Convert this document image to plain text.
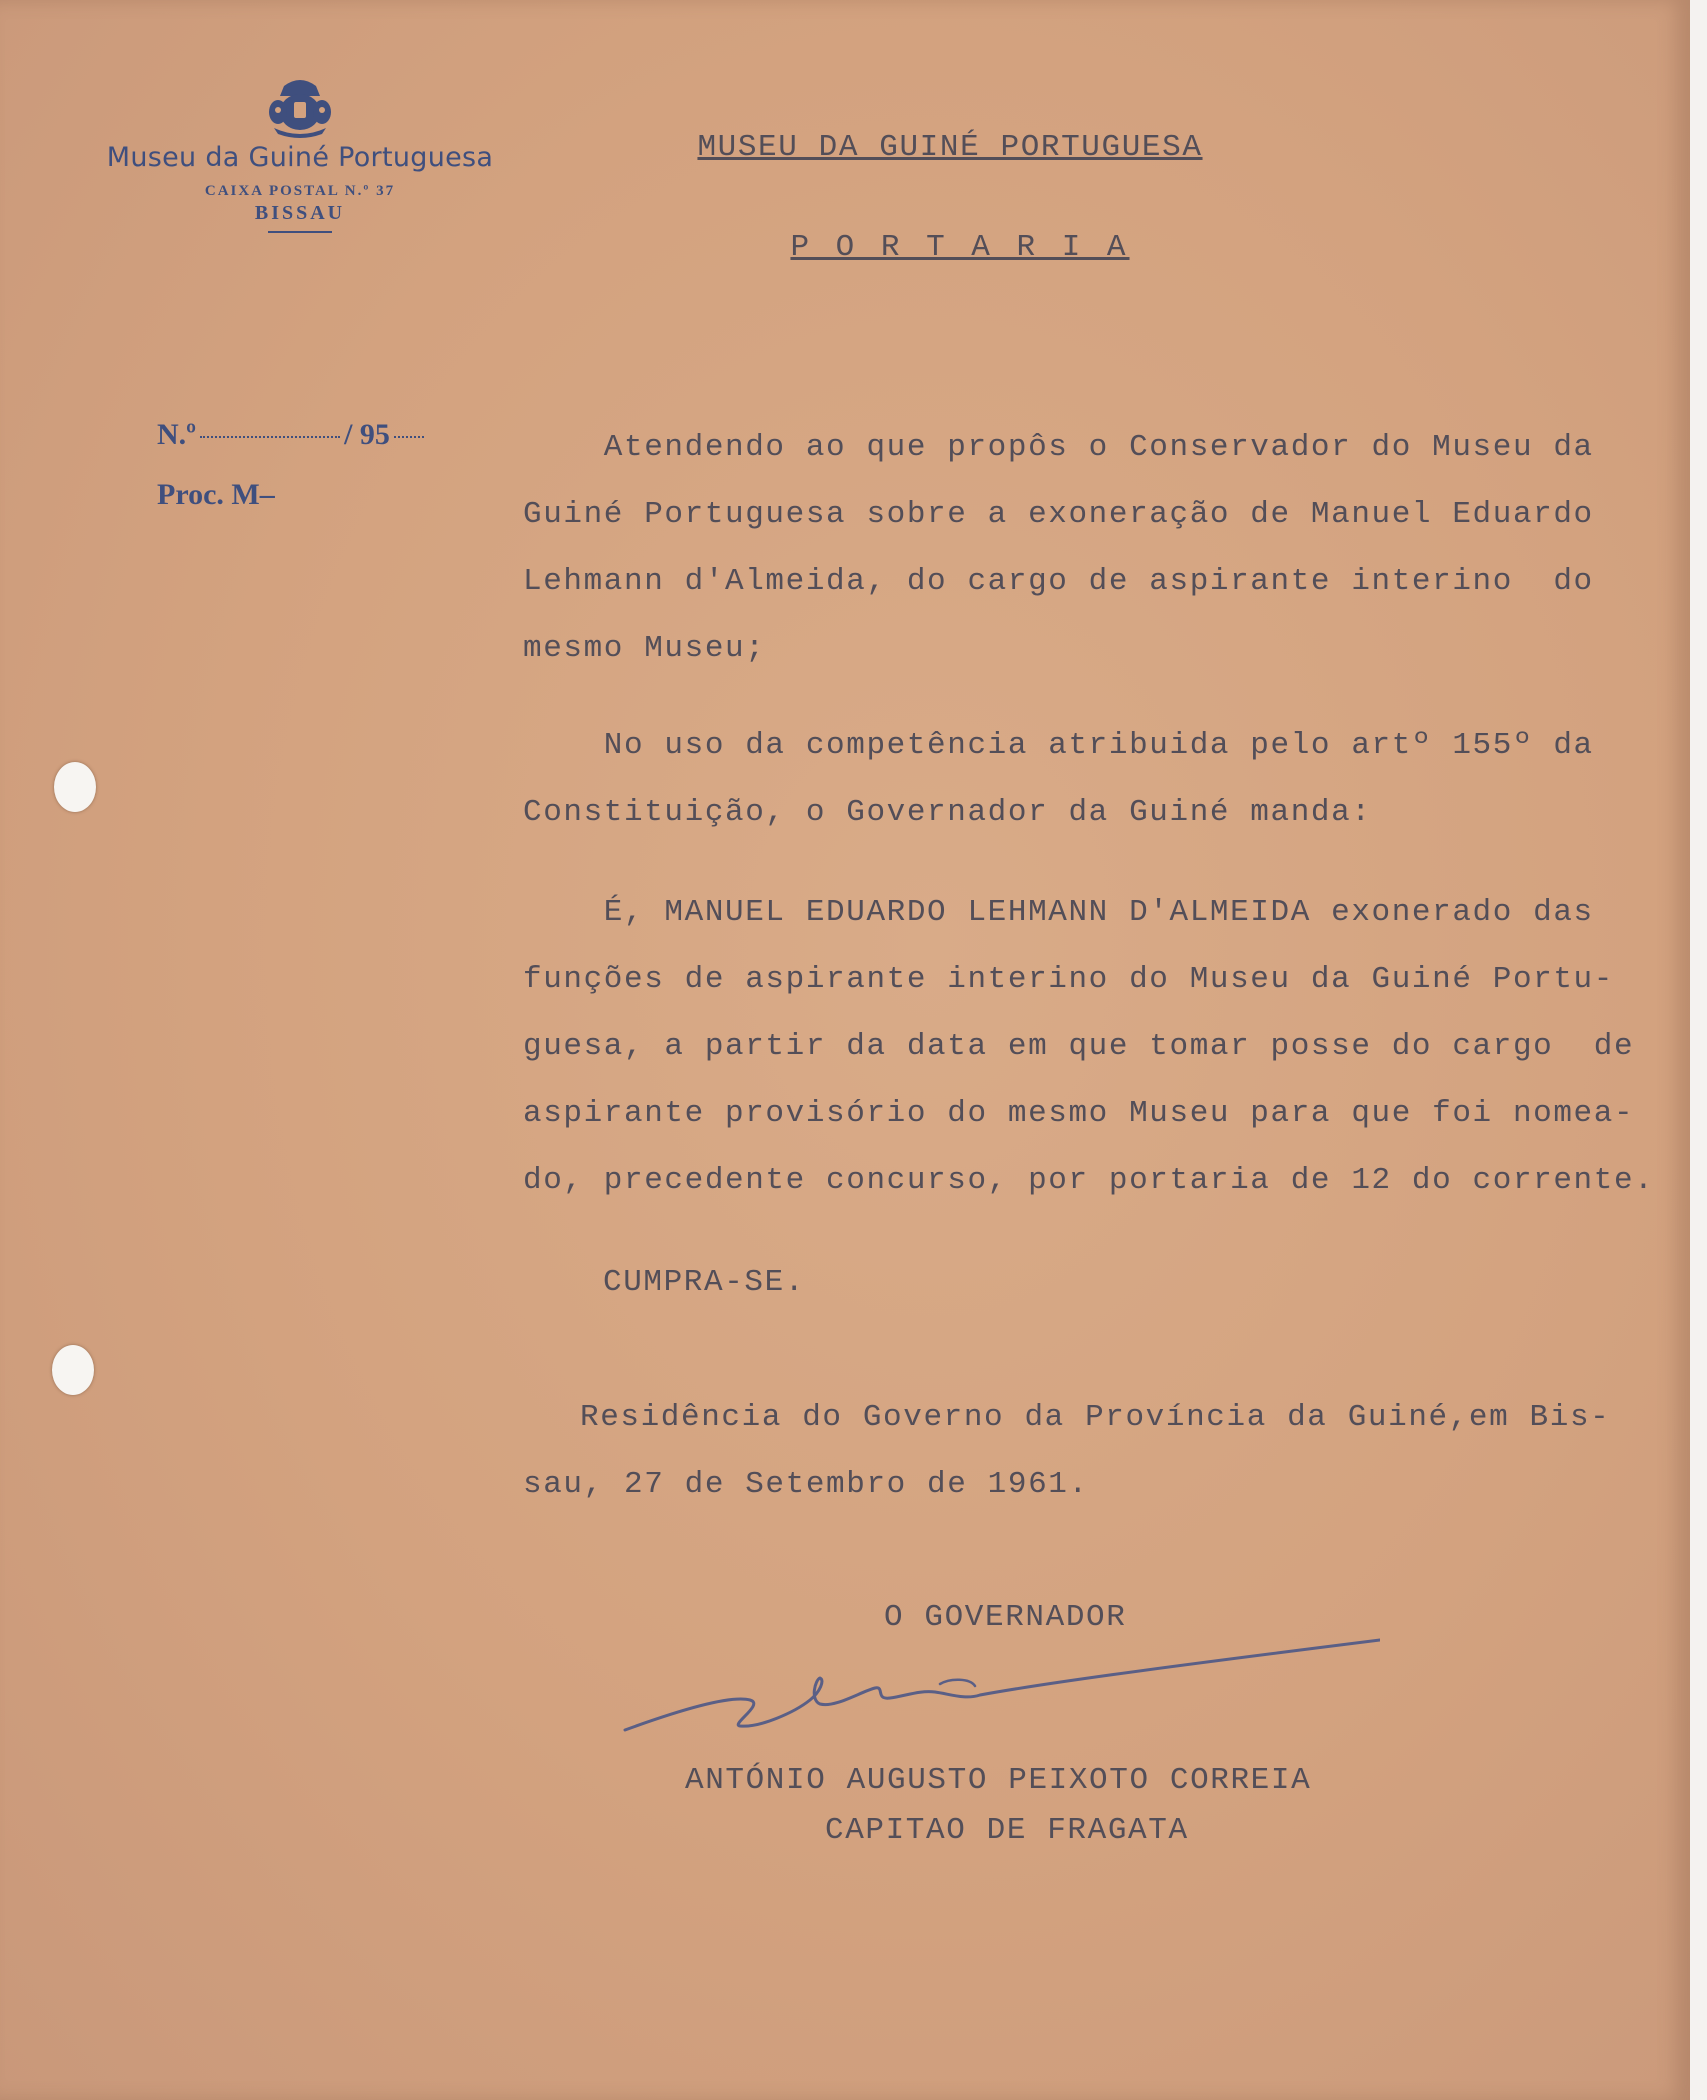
Museu da Guiné Portuguesa
CAIXA POSTAL N.º 37
BISSAU
N.º	/ 95
Proc. M–
MUSEU DA GUINÉ PORTUGUESA
P O R T A R I A
Atendendo ao que propôs o Conservador do Museu da
Guiné Portuguesa sobre a exoneração de Manuel Eduardo
Lehmann d'Almeida, do cargo de aspirante interino  do
mesmo Museu;
No uso da competência atribuida pelo artº 155º da
Constituição, o Governador da Guiné manda:
É, MANUEL EDUARDO LEHMANN D'ALMEIDA exonerado das
funções de aspirante interino do Museu da Guiné Portu-
guesa, a partir da data em que tomar posse do cargo  de
aspirante provisório do mesmo Museu para que foi nomea-
do, precedente concurso, por portaria de 12 do corrente.
CUMPRA-SE.
Residência do Governo da Província da Guiné,em Bis-
sau, 27 de Setembro de 1961.
O GOVERNADOR
ANTÓNIO AUGUSTO PEIXOTO CORREIA
CAPITAO DE FRAGATA
